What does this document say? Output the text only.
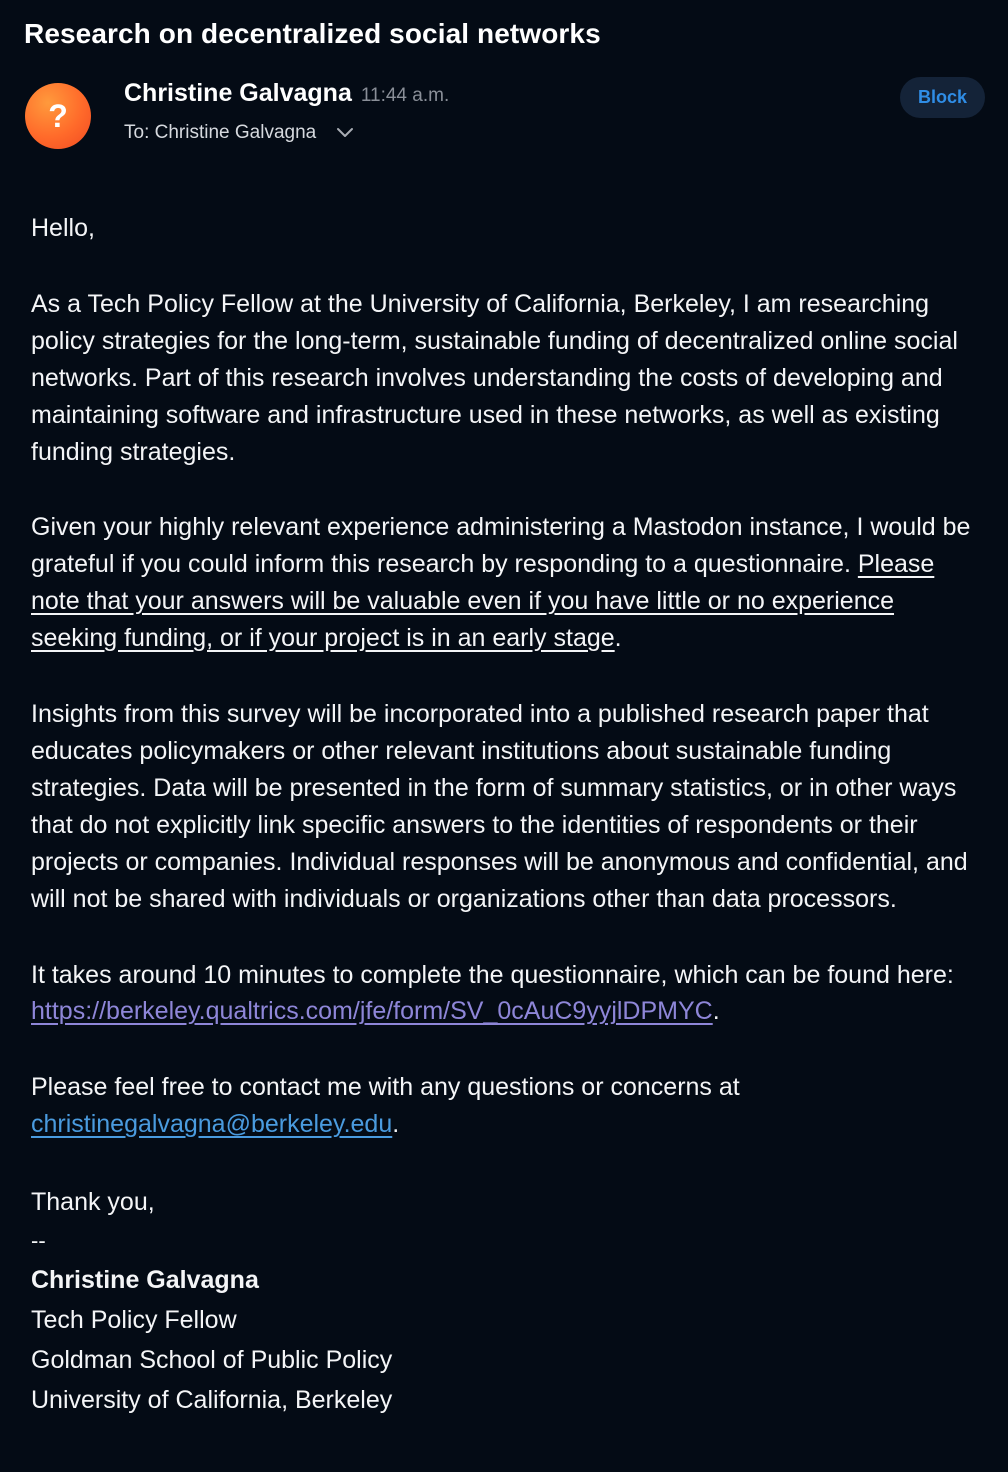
Research on decentralized social networks
?
Christine Galvagna 11:44 a.m.
To: Christine Galvagna
Block

Hello,

As a Tech Policy Fellow at the University of California, Berkeley, I am researching policy strategies for the long-term, sustainable funding of decentralized online social networks. Part of this research involves understanding the costs of developing and maintaining software and infrastructure used in these networks, as well as existing funding strategies.

Given your highly relevant experience administering a Mastodon instance, I would be grateful if you could inform this research by responding to a questionnaire. Please note that your answers will be valuable even if you have little or no experience seeking funding, or if your project is in an early stage.

Insights from this survey will be incorporated into a published research paper that educates policymakers or other relevant institutions about sustainable funding strategies. Data will be presented in the form of summary statistics, or in other ways that do not explicitly link specific answers to the identities of respondents or their projects or companies. Individual responses will be anonymous and confidential, and will not be shared with individuals or organizations other than data processors.

It takes around 10 minutes to complete the questionnaire, which can be found here: https://berkeley.qualtrics.com/jfe/form/SV_0cAuC9yyjlDPMYC.

Please feel free to contact me with any questions or concerns at christinegalvagna@berkeley.edu.

Thank you,
--
Christine Galvagna
Tech Policy Fellow
Goldman School of Public Policy
University of California, Berkeley
